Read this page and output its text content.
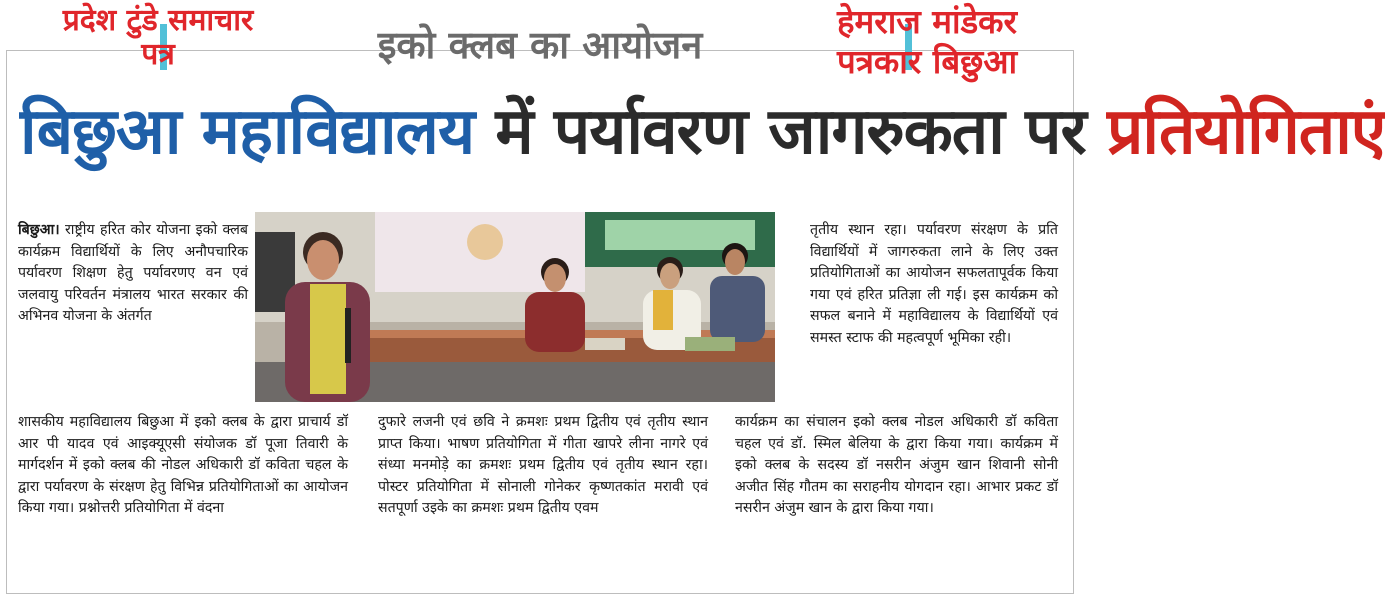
प्रदेश टुंडे समाचार
पत्र
हेमराज मांडेकर
पत्रकार बिछुआ
इको क्लब का आयोजन
बिछुआ महाविद्यालय में पर्यावरण जागरुकता पर प्रतियोगिताएं
बिछुआ। राष्ट्रीय हरित कोर योजना इको क्लब कार्यक्रम विद्यार्थियों के लिए अनौपचारिक पर्यावरण शिक्षण हेतु पर्यावरणए वन एवं जलवायु परिवर्तन मंत्रालय भारत सरकार की अभिनव योजना के अंतर्गत
तृतीय स्थान रहा। पर्यावरण संरक्षण के प्रति विद्यार्थियों में जागरुकता लाने के लिए उक्त प्रतियोगिताओं का आयोजन सफलतापूर्वक किया गया एवं हरित प्रतिज्ञा ली गई। इस कार्यक्रम को सफल बनाने में महाविद्यालय के विद्यार्थियों एवं समस्त स्टाफ की महत्वपूर्ण भूमिका रही।
शासकीय महाविद्यालय बिछुआ में इको क्लब के द्वारा प्राचार्य डॉ आर पी यादव एवं आइक्यूएसी संयोजक डॉ पूजा तिवारी के मार्गदर्शन में इको क्लब की नोडल अधिकारी डॉ कविता चहल के द्वारा पर्यावरण के संरक्षण हेतु विभिन्न प्रतियोगिताओं का आयोजन किया गया। प्रश्नोत्तरी प्रतियोगिता में वंदना
दुफारे लजनी एवं छवि ने क्रमशः प्रथम द्वितीय एवं तृतीय स्थान प्राप्त किया। भाषण प्रतियोगिता में गीता खापरे लीना नागरे एवं संध्या मनमोड़े का क्रमशः प्रथम द्वितीय एवं तृतीय स्थान रहा। पोस्टर प्रतियोगिता में सोनाली गोनेकर कृष्णतकांत मरावी एवं सतपूर्णा उइके का क्रमशः प्रथम द्वितीय एवम
कार्यक्रम का संचालन इको क्लब नोडल अधिकारी डॉ कविता चहल एवं डॉ. स्मिल बेलिया के द्वारा किया गया। कार्यक्रम में इको क्लब के सदस्य डॉ नसरीन अंजुम खान शिवानी सोनी अजीत सिंह गौतम का सराहनीय योगदान रहा। आभार प्रकट डॉ नसरीन अंजुम खान के द्वारा किया गया।
